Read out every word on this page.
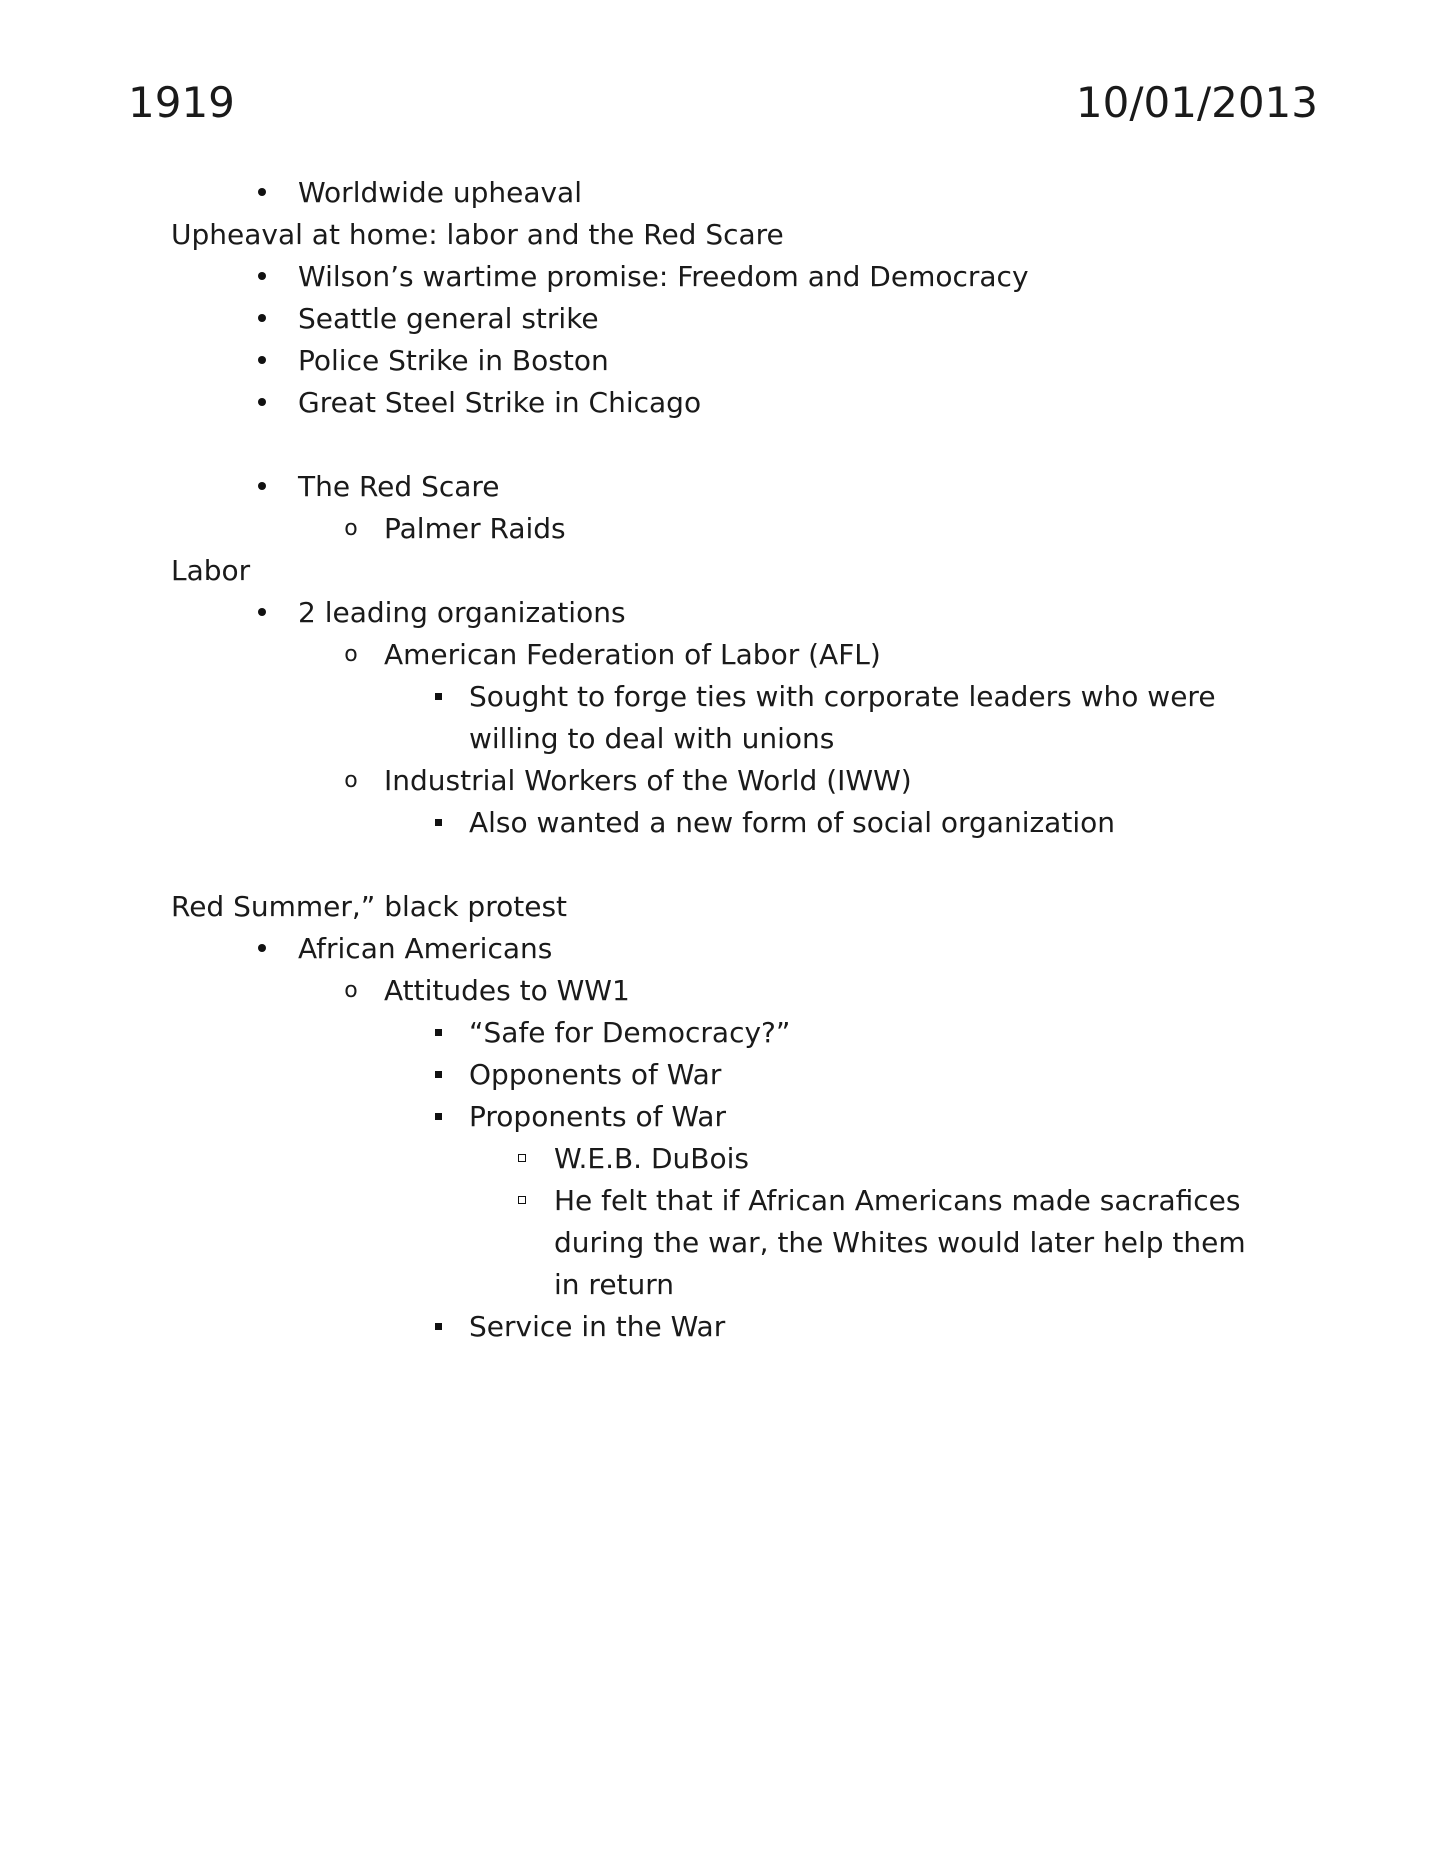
1919	10/01/2013
Worldwide upheaval
Upheaval at home: labor and the Red Scare
Wilson’s wartime promise: Freedom and Democracy
Seattle general strike
Police Strike in Boston
Great Steel Strike in Chicago
The Red Scare
o Palmer Raids
Labor
2 leading organizations
o American Federation of Labor (AFL)
Sought to forge ties with corporate leaders who were
willing to deal with unions
o Industrial Workers of the World (IWW)
Also wanted a new form of social organization
Red Summer,” black protest
African Americans
o Attitudes to WW1
“Safe for Democracy?”
Opponents of War
Proponents of War
W.E.B. DuBois
He felt that if African Americans made sacrafices
during the war, the Whites would later help them
in return
Service in the War
